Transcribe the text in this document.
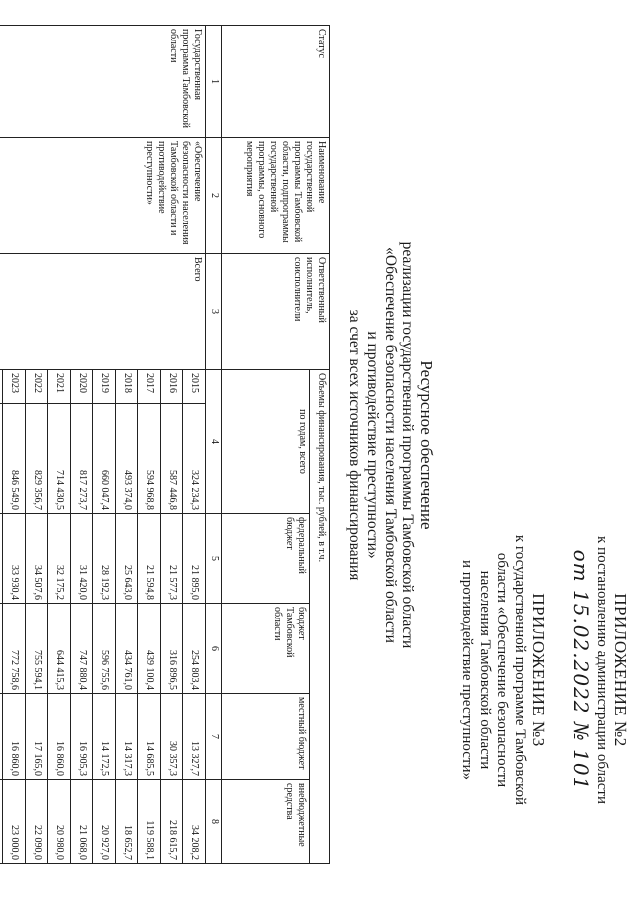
ПРИЛОЖЕНИЕ №2
к постановлению администрации области
от 15.02.2022 № 101
ПРИЛОЖЕНИЕ №3
к государственной программе Тамбовской
области «Обеспечение безопасности
населения Тамбовской области
и противодействие преступности»
Ресурсное обеспечение
реализации государственной программы Тамбовской области
«Обеспечение безопасности населения Тамбовской области
и противодействие преступности»
за счет всех источников финансирования
Статус	Наименование государственной программы Тамбовской области, подпрограммы государственной программы, основного мероприятия	Ответственный исполнитель, соисполнители	Объемы финансирования, тыс. рублей, в т.ч.					
			по годам, всего		федеральный бюджет	бюджет Тамбовской области	местный бюджет	внебюджетные средства
1	2	3	4		5	6	7	8
Государственная программа Тамбовской области	«Обеспечение безопасности населения Тамбовской области и противодействие преступности»	Всего	2015	324 234,3	21 895,0	254 803,4	13 327,7	34 208,2
			2016	587 446,8	21 577,3	316 896,5	30 357,3	218 615,7
			2017	594 968,8	21 594,8	439 100,4	14 685,5	119 588,1
			2018	493 374,0	25 643,0	434 761,0	14 317,3	18 652,7
			2019	660 047,4	28 192,3	596 755,6	14 172,5	20 927,0
			2020	817 273,7	31 420,0	747 880,4	16 905,3	21 068,0
			2021	714 430,5	32 175,2	644 415,3	16 860,0	20 980,0
			2022	829 356,7	34 507,6	755 594,1	17 165,0	22 090,0
			2023	846 549,0	33 930,4	772 758,6	16 860,0	23 000,0
